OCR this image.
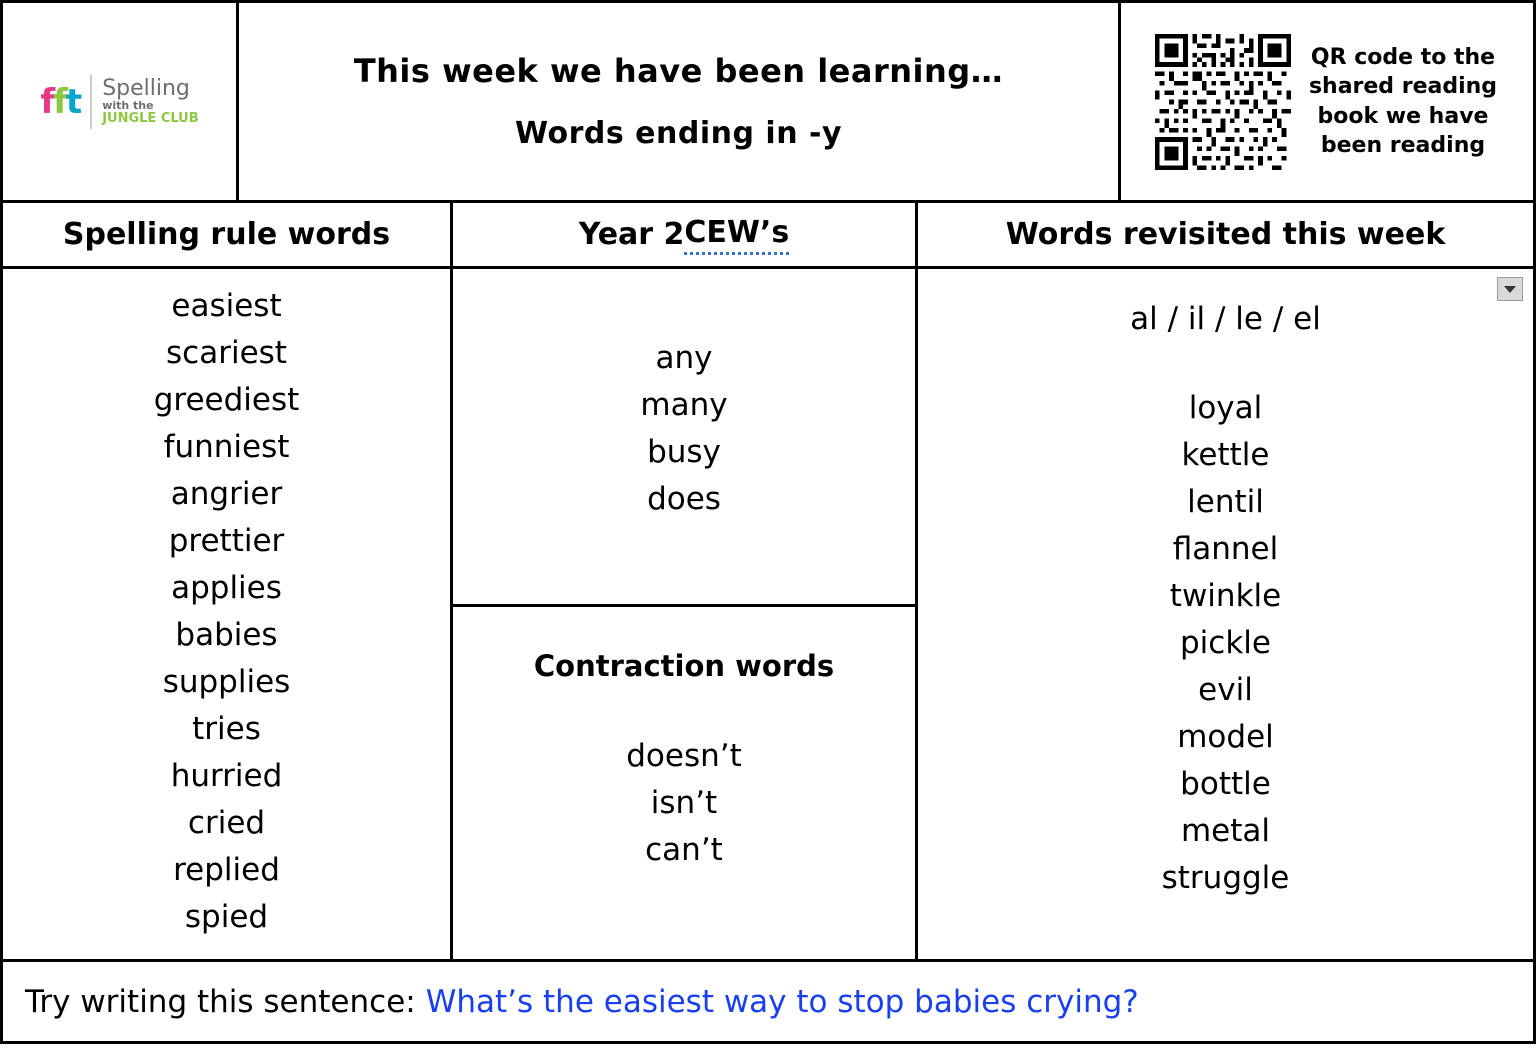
f f t Spelling
with the
JUNGLE CLUB
This week we have been learning…
Words ending in -y
QR code to the shared reading book we have been reading
Spelling rule words	Year 2 CEW’s	Words revisited this week
easiest
scariest
greediest
funniest
angrier
prettier
applies
babies
supplies
tries
hurried
cried
replied
spied
any
many
busy
does
Contraction words
doesn’t
isn’t
can’t
al / il / le / el
loyal
kettle
lentil
flannel
twinkle
pickle
evil
model
bottle
metal
struggle
Try writing this sentence: What’s the easiest way to stop babies crying?
